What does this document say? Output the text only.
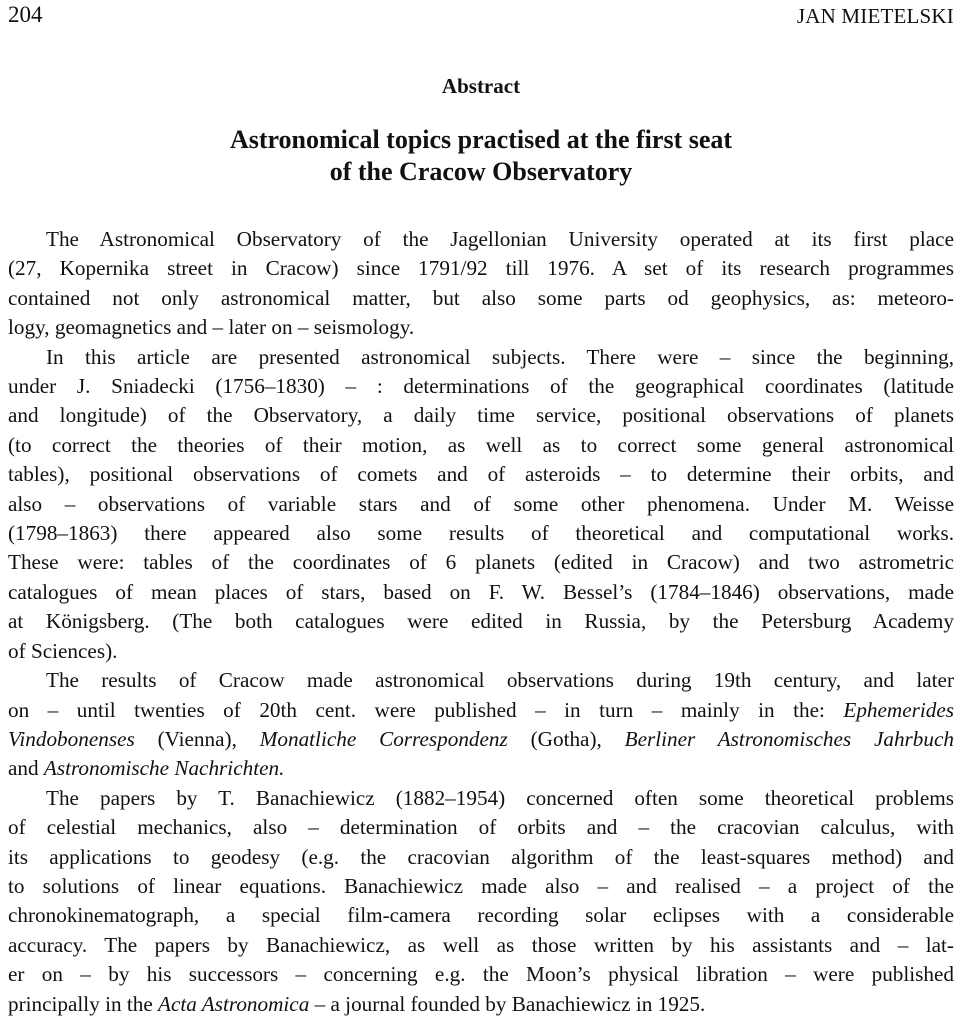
204	JAN MIETELSKI
Abstract
Astronomical topics practised at the first seat
of the Cracow Observatory

The Astronomical Observatory of the Jagellonian University operated at its first place
(27, Kopernika street in Cracow) since 1791/92 till 1976. A set of its research programmes
contained not only astronomical matter, but also some parts od geophysics, as: meteoro-
logy, geomagnetics and – later on – seismology.

In this article are presented astronomical subjects. There were – since the beginning,
under J. Sniadecki (1756–1830) – : determinations of the geographical coordinates (latitude
and longitude) of the Observatory, a daily time service, positional observations of planets
(to correct the theories of their motion, as well as to correct some general astronomical
tables), positional observations of comets and of asteroids – to determine their orbits, and
also – observations of variable stars and of some other phenomena. Under M. Weisse
(1798–1863) there appeared also some results of theoretical and computational works.
These were: tables of the coordinates of 6 planets (edited in Cracow) and two astrometric
catalogues of mean places of stars, based on F. W. Bessel’s (1784–1846) observations, made
at Königsberg. (The both catalogues were edited in Russia, by the Petersburg Academy
of Sciences).

The results of Cracow made astronomical observations during 19th century, and later
on – until twenties of 20th cent. were published – in turn – mainly in the: Ephemerides
Vindobonenses (Vienna), Monatliche Correspondenz (Gotha), Berliner Astronomisches Jahrbuch
and Astronomische Nachrichten.

The papers by T. Banachiewicz (1882–1954) concerned often some theoretical problems
of celestial mechanics, also – determination of orbits and – the cracovian calculus, with
its applications to geodesy (e.g. the cracovian algorithm of the least-squares method) and
to solutions of linear equations. Banachiewicz made also – and realised – a project of the
chronokinematograph, a special film-camera recording solar eclipses with a considerable
accuracy. The papers by Banachiewicz, as well as those written by his assistants and – lat-
er on – by his successors – concerning e.g. the Moon’s physical libration – were published
principally in the Acta Astronomica – a journal founded by Banachiewicz in 1925.
